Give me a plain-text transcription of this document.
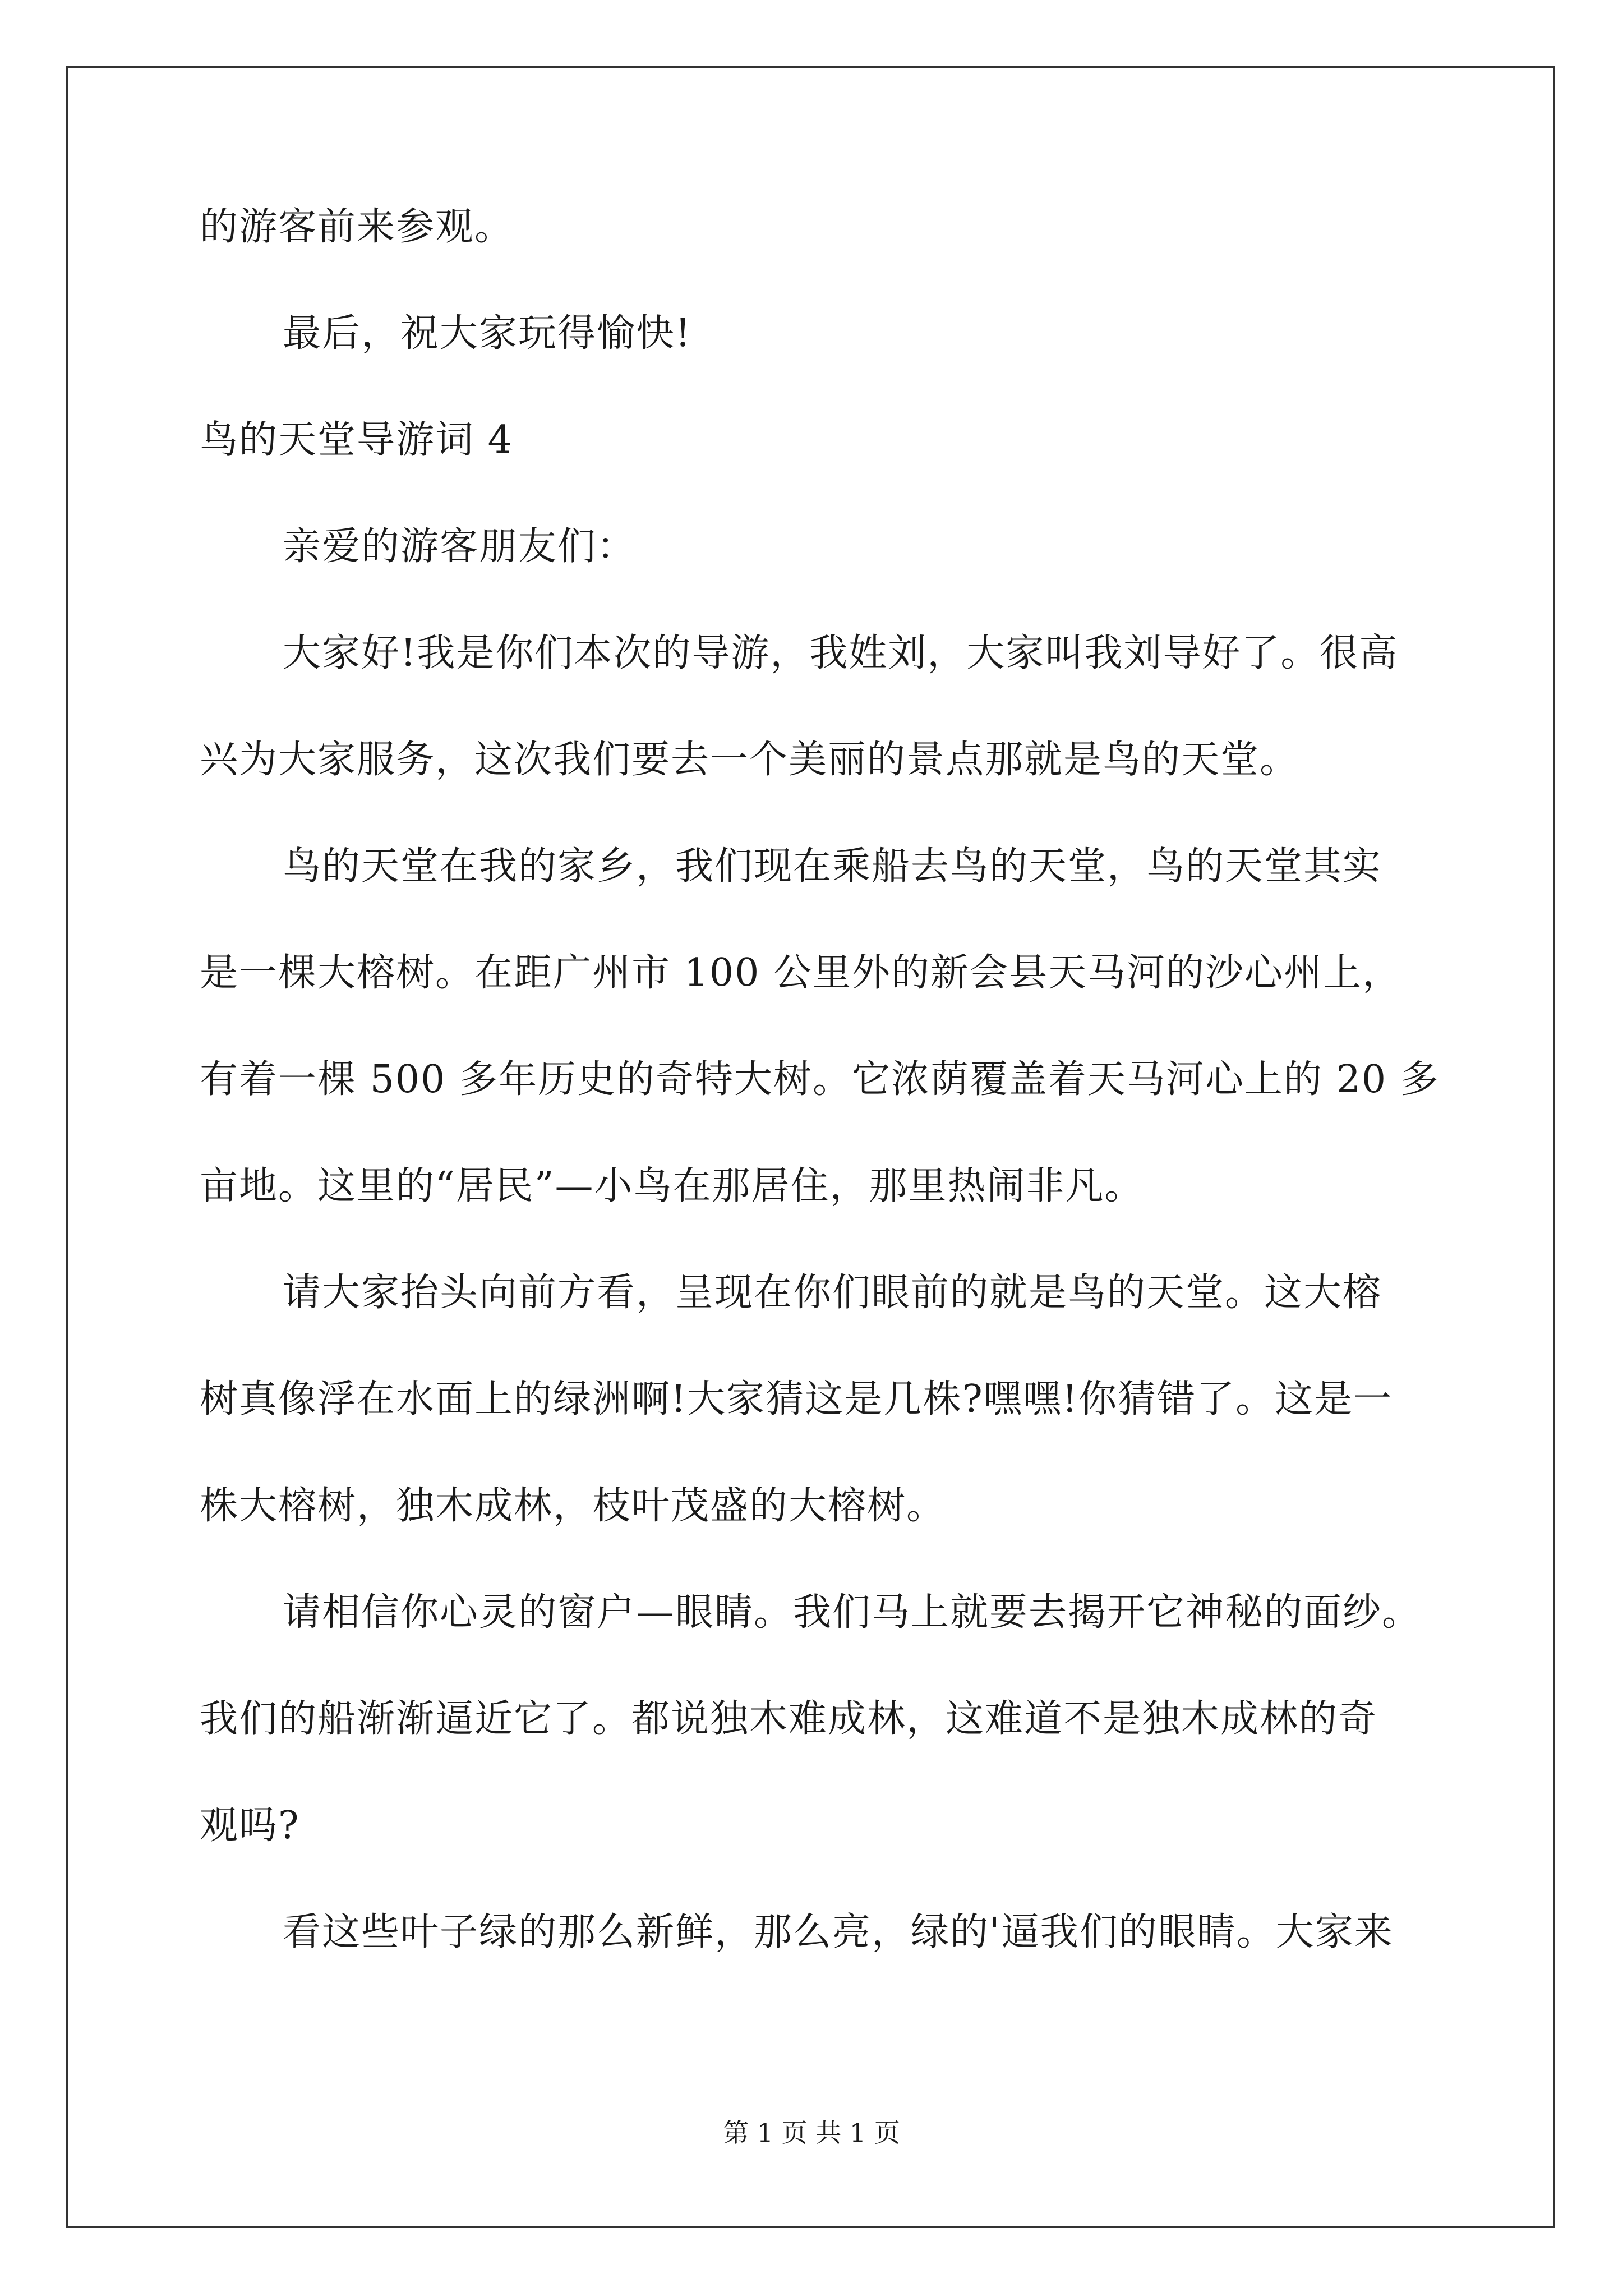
的游客前来参观。
最后，祝大家玩得愉快!
鸟的天堂导游词 4
亲爱的游客朋友们：
大家好!我是你们本次的导游，我姓刘，大家叫我刘导好了。很高
兴为大家服务，这次我们要去一个美丽的景点那就是鸟的天堂。
鸟的天堂在我的家乡，我们现在乘船去鸟的天堂，鸟的天堂其实
是一棵大榕树。在距广州市 100 公里外的新会县天马河的沙心州上，
有着一棵 500 多年历史的奇特大树。它浓荫覆盖着天马河心上的 20 多
亩地。这里的“居民”—小鸟在那居住，那里热闹非凡。
请大家抬头向前方看，呈现在你们眼前的就是鸟的天堂。这大榕
树真像浮在水面上的绿洲啊!大家猜这是几株?嘿嘿!你猜错了。这是一
株大榕树，独木成林，枝叶茂盛的大榕树。
请相信你心灵的窗户—眼睛。我们马上就要去揭开它神秘的面纱。
我们的船渐渐逼近它了。都说独木难成林，这难道不是独木成林的奇
观吗?
看这些叶子绿的那么新鲜，那么亮，绿的'逼我们的眼睛。大家来
第 1 页 共 1 页
